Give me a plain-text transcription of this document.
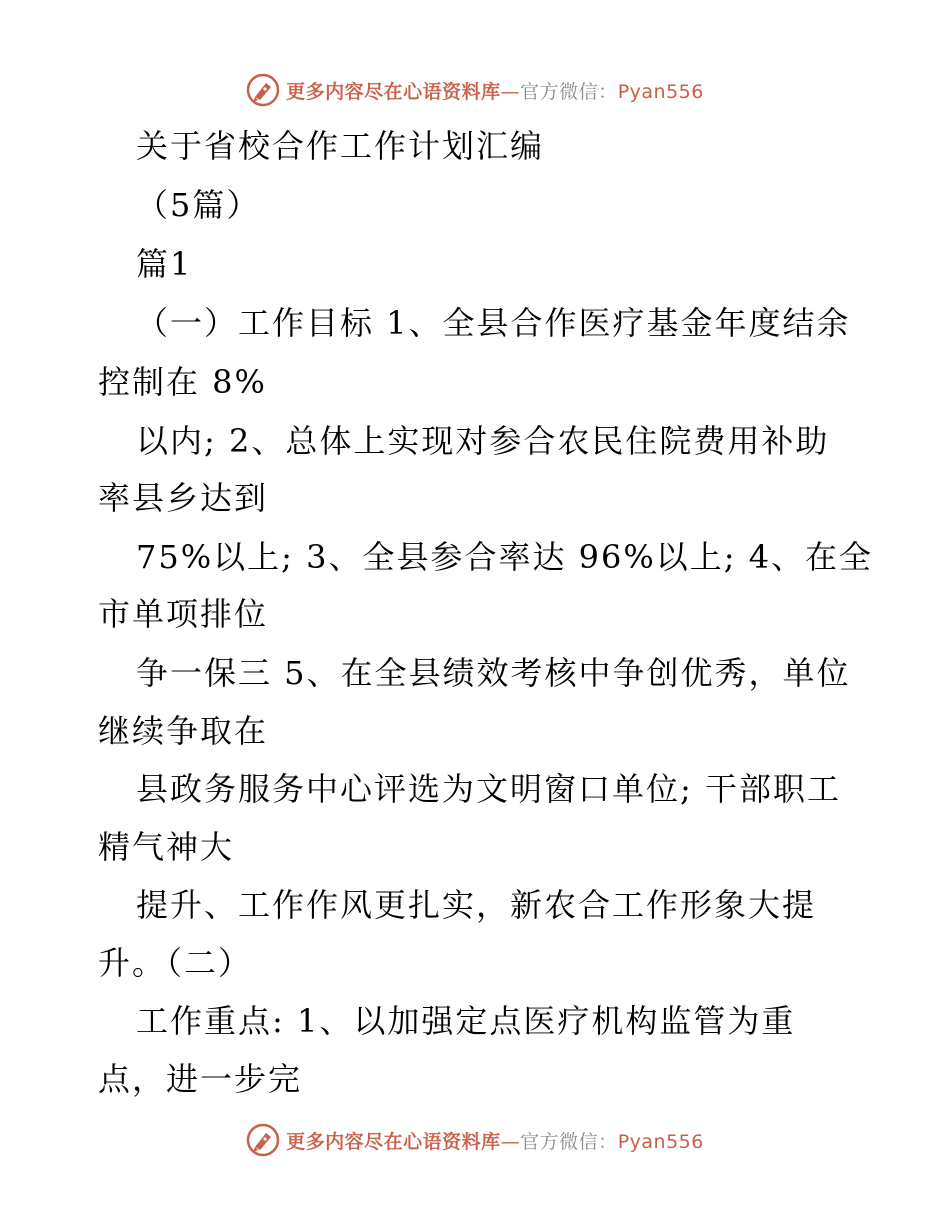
更多内容尽在心语资料库—官方微信：Pyan556
关于省校合作工作计划汇编
（5篇）
篇1
（一）工作目标 1、全县合作医疗基金年度结余
控制在 8%
以内; 2、总体上实现对参合农民住院费用补助
率县乡达到
75%以上; 3、全县参合率达 96%以上; 4、在全
市单项排位
争一保三 5、在全县绩效考核中争创优秀，单位
继续争取在
县政务服务中心评选为文明窗口单位; 干部职工
精气神大
提升、工作作风更扎实，新农合工作形象大提
升。（二）
工作重点: 1、以加强定点医疗机构监管为重
点，进一步完
更多内容尽在心语资料库—官方微信：Pyan556
